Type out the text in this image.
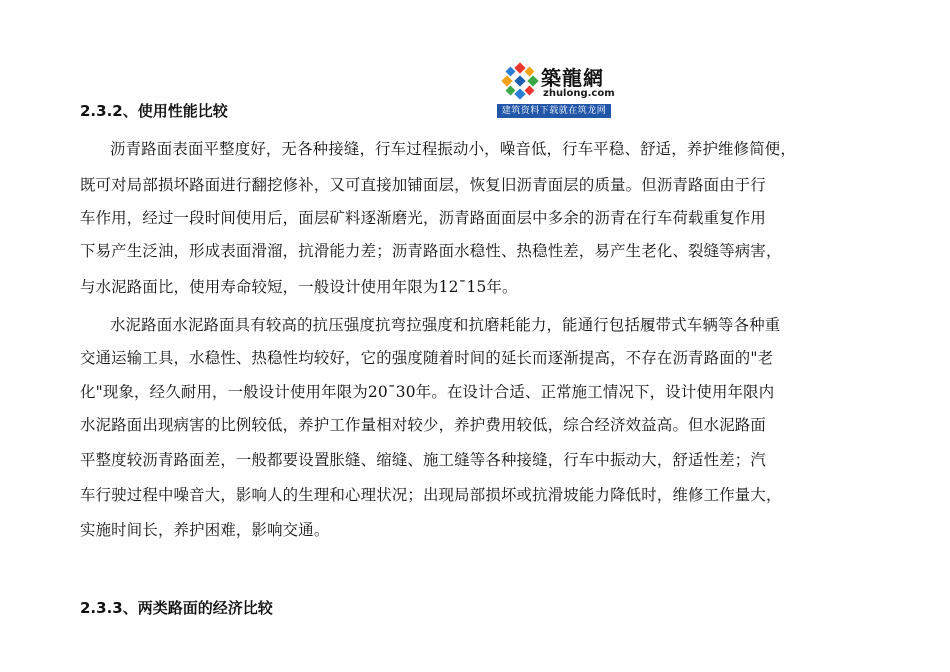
築龍網
zhulong.com
建筑资料下载就在筑龙网
2.3.2、使用性能比较
沥青路面表面平整度好，无各种接缝，行车过程振动小，噪音低，行车平稳、舒适，养护维修简便，
既可对局部损坏路面进行翻挖修补，又可直接加铺面层，恢复旧沥青面层的质量。但沥青路面由于行
车作用，经过一段时间使用后，面层矿料逐渐磨光，沥青路面面层中多余的沥青在行车荷载重复作用
下易产生泛油，形成表面滑溜，抗滑能力差；沥青路面水稳性、热稳性差，易产生老化、裂缝等病害，
与水泥路面比，使用寿命较短，一般设计使用年限为12¯15年。
水泥路面水泥路面具有较高的抗压强度抗弯拉强度和抗磨耗能力，能通行包括履带式车辆等各种重
交通运输工具，水稳性、热稳性均较好，它的强度随着时间的延长而逐渐提高，不存在沥青路面的"老
化"现象，经久耐用，一般设计使用年限为20¯30年。在设计合适、正常施工情况下，设计使用年限内
水泥路面出现病害的比例较低，养护工作量相对较少，养护费用较低，综合经济效益高。但水泥路面
平整度较沥青路面差，一般都要设置胀缝、缩缝、施工缝等各种接缝，行车中振动大，舒适性差；汽
车行驶过程中噪音大，影响人的生理和心理状况；出现局部损坏或抗滑坡能力降低时，维修工作量大，
实施时间长，养护困难，影响交通。
2.3.3、两类路面的经济比较
